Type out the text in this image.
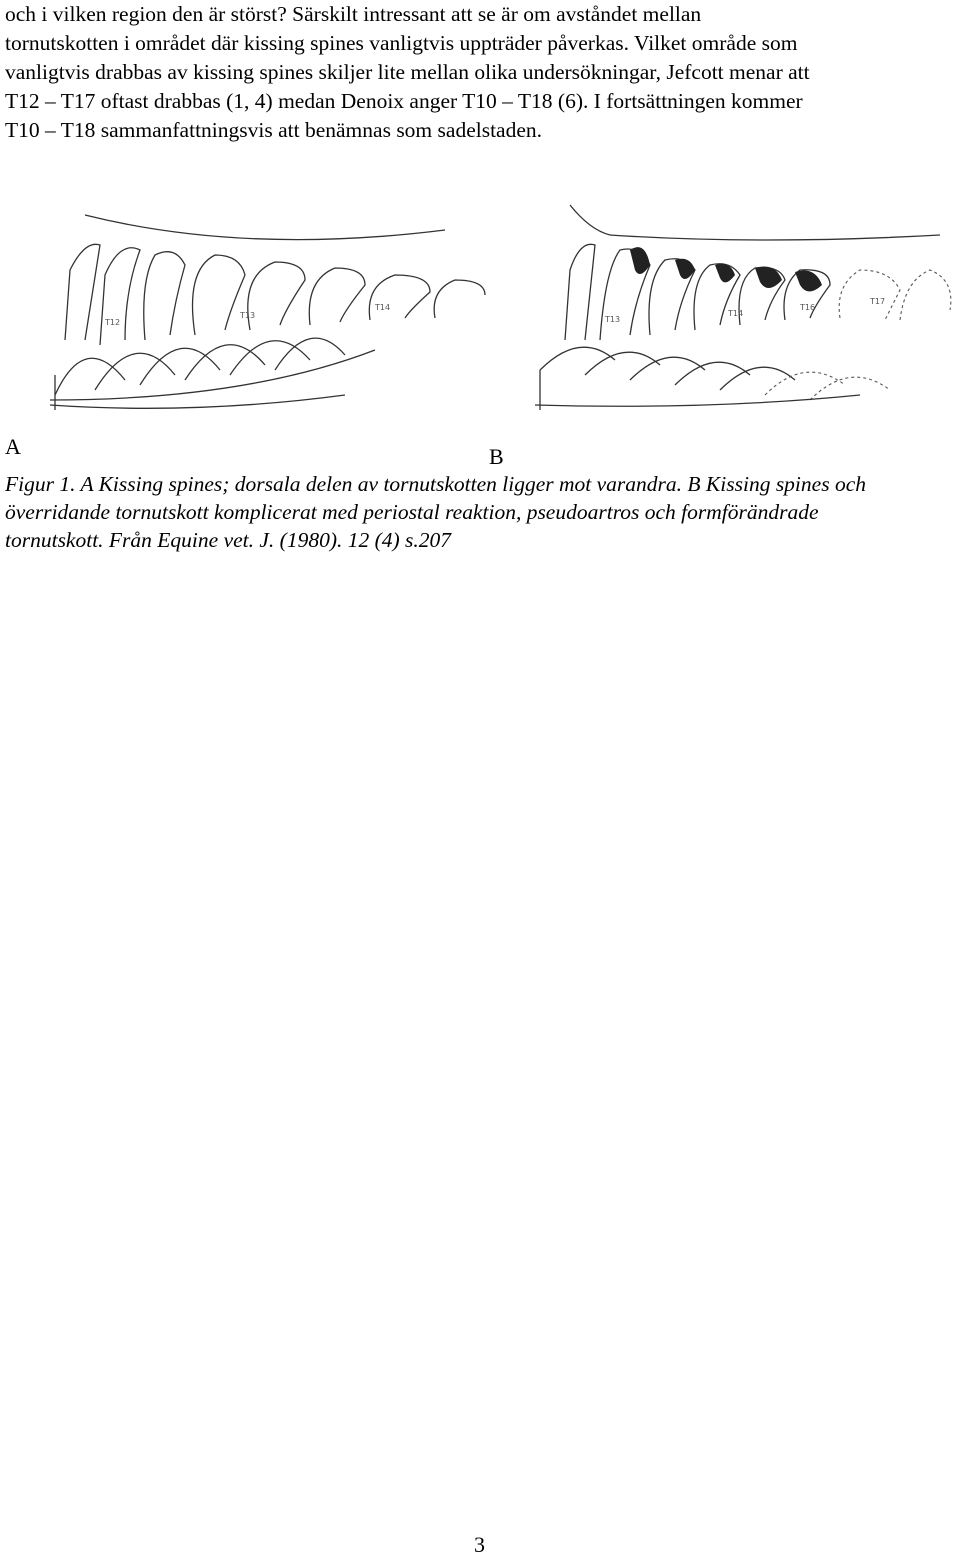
och i vilken region den är störst? Särskilt intressant att se är om avståndet mellan
tornutskotten i området där kissing spines vanligtvis uppträder påverkas. Vilket område som
vanligtvis drabbas av kissing spines skiljer lite mellan olika undersökningar, Jefcott menar att
T12 – T17 oftast drabbas (1, 4) medan Denoix anger T10 – T18 (6). I fortsättningen kommer
T10 – T18 sammanfattningsvis att benämnas som sadelstaden.
T12
T13
T14
T13
T14
T16
T17
A	B
Figur 1. A Kissing spines; dorsala delen av tornutskotten ligger mot varandra. B Kissing spines och
överridande tornutskott komplicerat med periostal reaktion, pseudoartros och formförändrade
tornutskott. Från Equine vet. J. (1980). 12 (4) s.207
3
